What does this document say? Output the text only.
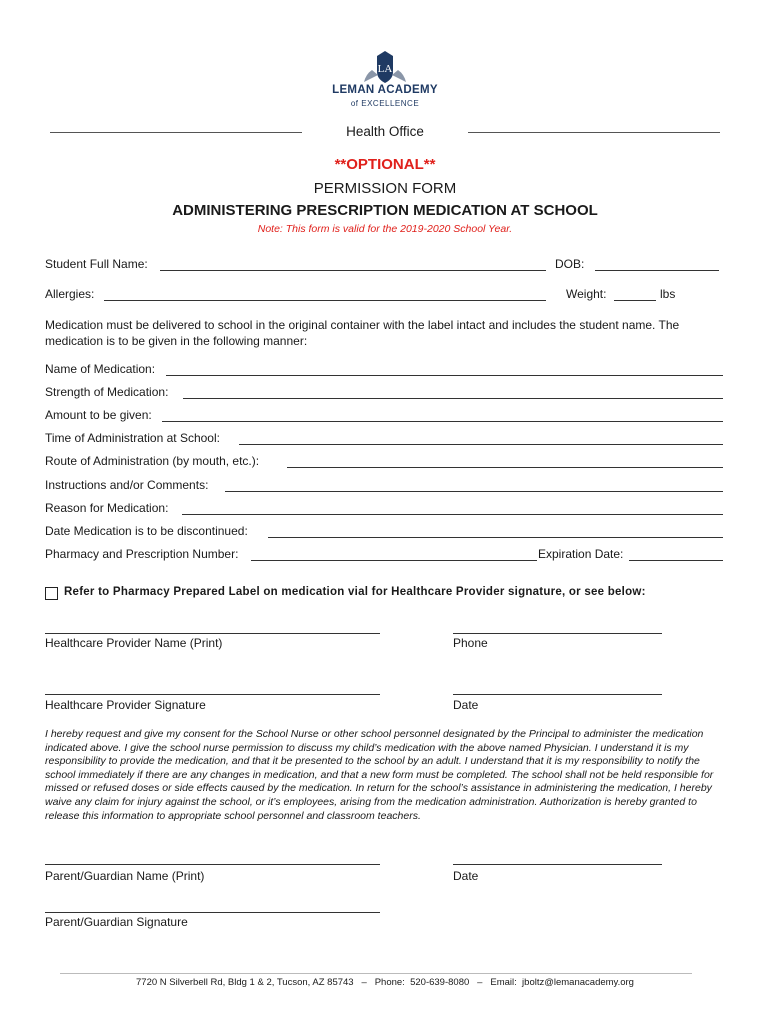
LA
LEMAN ACADEMY
of EXCELLENCE
Health Office
**OPTIONAL**
PERMISSION FORM
ADMINISTERING PRESCRIPTION MEDICATION AT SCHOOL
Note: This form is valid for the 2019-2020 School Year.
Student Full Name:	DOB:
Allergies:	Weight:	lbs
Medication must be delivered to school in the original container with the label intact and includes the student name. The medication is to be given in the following manner:
Name of Medication:
Strength of Medication:
Amount to be given:
Time of Administration at School:
Route of Administration (by mouth, etc.):
Instructions and/or Comments:
Reason for Medication:
Date Medication is to be discontinued:
Pharmacy and Prescription Number:	Expiration Date:
Refer to Pharmacy Prepared Label on medication vial for Healthcare Provider signature, or see below:
Healthcare Provider Name (Print)	Phone
Healthcare Provider Signature	Date
I hereby request and give my consent for the School Nurse or other school personnel designated by the Principal to administer the medication indicated above. I give the school nurse permission to discuss my child’s medication with the above named Physician. I understand it is my responsibility to provide the medication, and that it be presented to the school by an adult. I understand that it is my responsibility to notify the school immediately if there are any changes in medication, and that a new form must be completed. The school shall not be held responsible for missed or refused doses or side effects caused by the medication. In return for the school’s assistance in administering the medication, I hereby waive any claim for injury against the school, or it’s employees, arising from the medication administration. Authorization is hereby granted to release this information to appropriate school personnel and classroom teachers.
Parent/Guardian Name (Print)	Date
Parent/Guardian Signature
7720 N Silverbell Rd, Bldg 1 & 2, Tucson, AZ 85743   –   Phone:  520-639-8080   –   Email:  jboltz@lemanacademy.org
